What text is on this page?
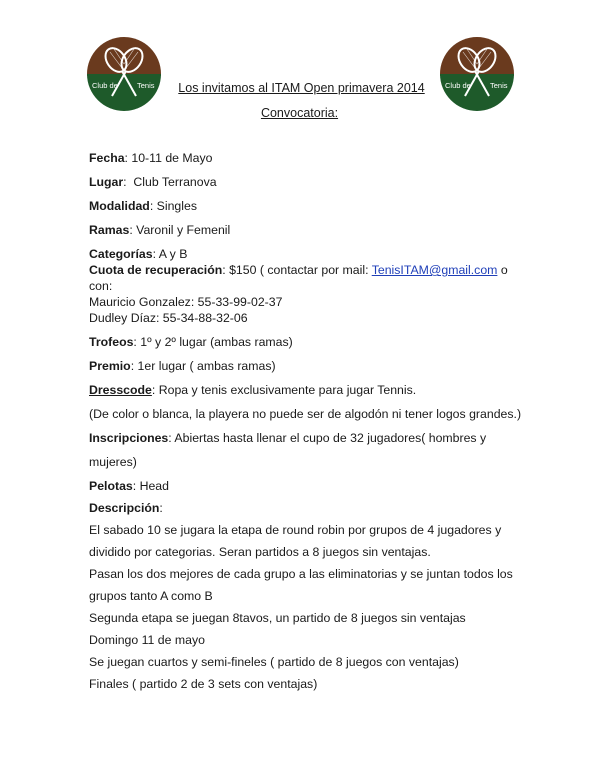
Club de	Tenis	Club de	Tenis
Los invitamos al ITAM Open primavera 2014
Convocatoria:
Fecha: 10-11 de Mayo
Lugar:  Club Terranova
Modalidad: Singles
Ramas: Varonil y Femenil
Categorías: A y B
Cuota de recuperación: $150 ( contactar por mail: TenisITAM@gmail.com o
con:
Mauricio Gonzalez: 55-33-99-02-37
Dudley Díaz: 55-34-88-32-06
Trofeos: 1º y 2º lugar (ambas ramas)
Premio: 1er lugar ( ambas ramas)
Dresscode: Ropa y tenis exclusivamente para jugar Tennis.
(De color o blanca, la playera no puede ser de algodón ni tener logos grandes.)
Inscripciones: Abiertas hasta llenar el cupo de 32 jugadores( hombres y
mujeres)
Pelotas: Head
Descripción:
El sabado 10 se jugara la etapa de round robin por grupos de 4 jugadores y
dividido por categorias. Seran partidos a 8 juegos sin ventajas.
Pasan los dos mejores de cada grupo a las eliminatorias y se juntan todos los
grupos tanto A como B
Segunda etapa se juegan 8tavos, un partido de 8 juegos sin ventajas
Domingo 11 de mayo
Se juegan cuartos y semi-fineles ( partido de 8 juegos con ventajas)
Finales ( partido 2 de 3 sets con ventajas)
